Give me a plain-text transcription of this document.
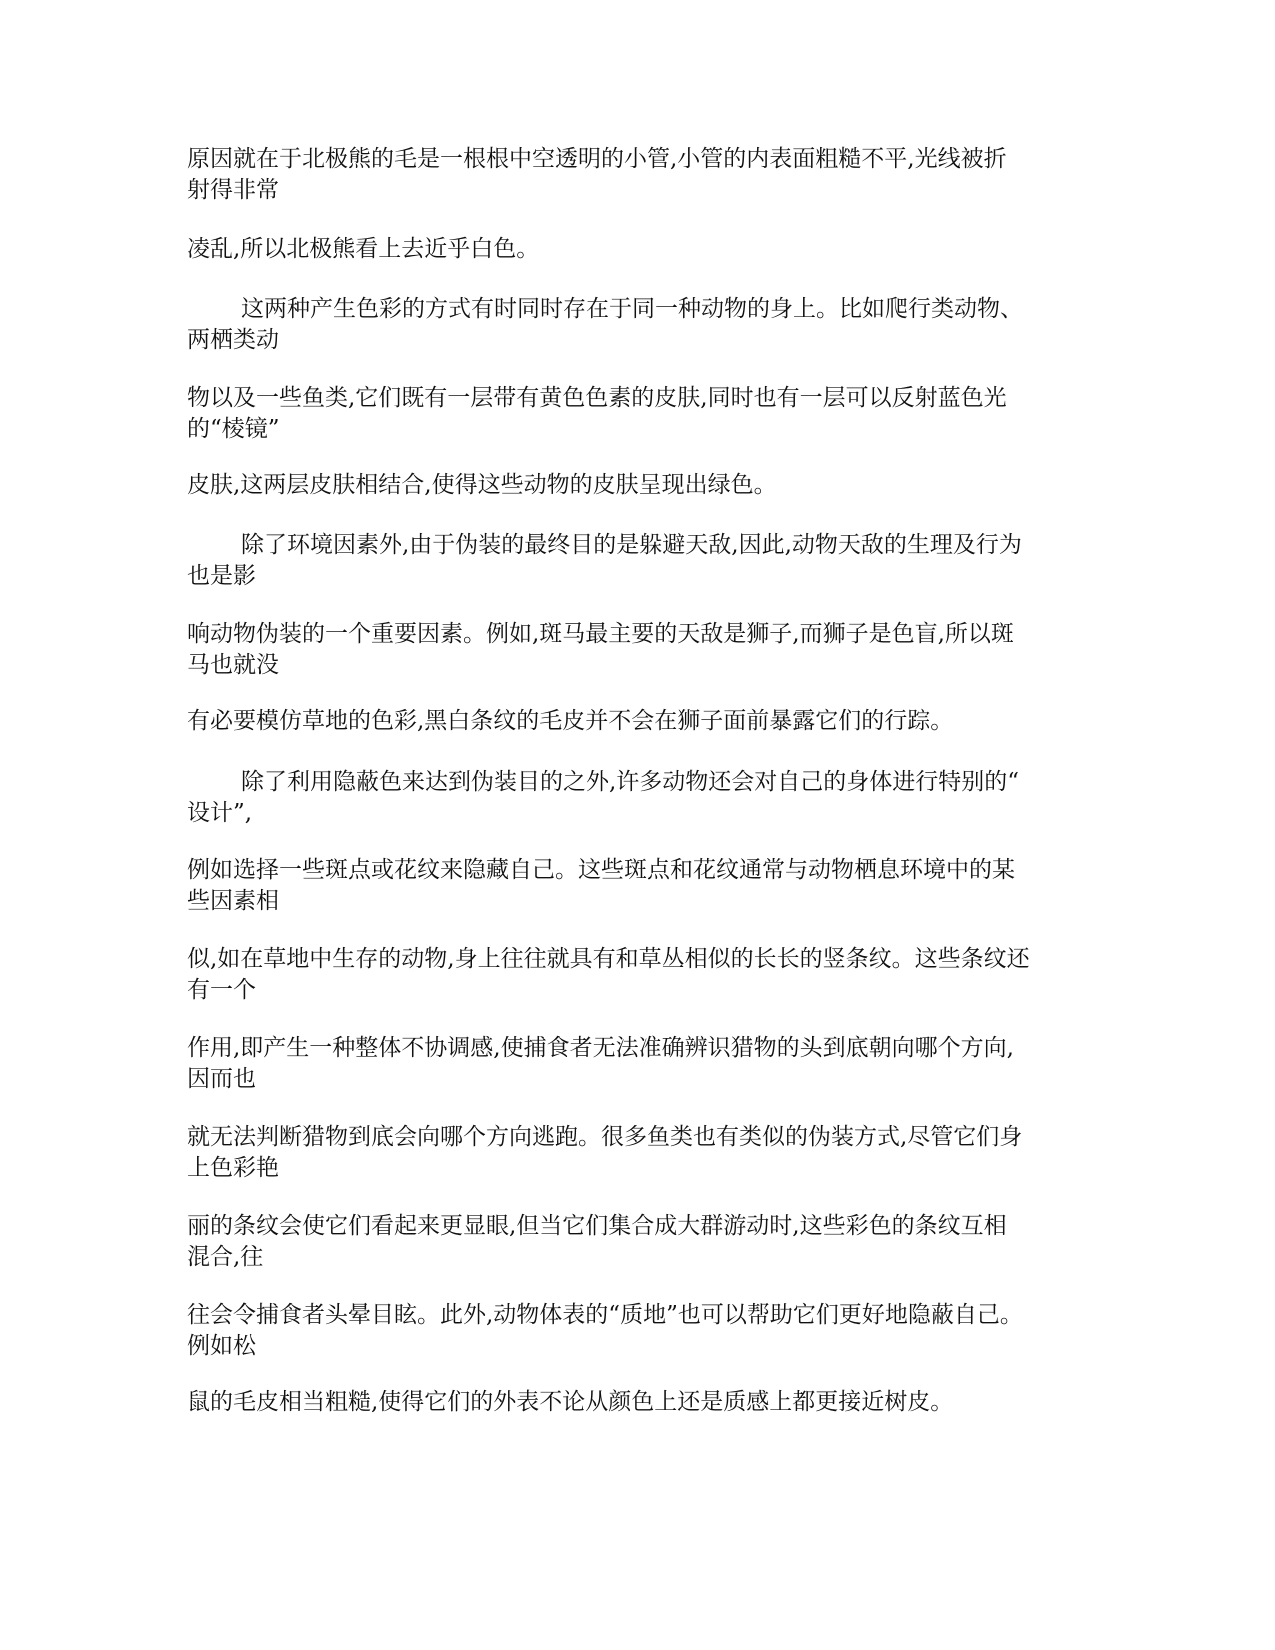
原因就在于北极熊的毛是一根根中空透明的小管,小管的内表面粗糙不平,光线被折
射得非常
凌乱,所以北极熊看上去近乎白色。
这两种产生色彩的方式有时同时存在于同一种动物的身上。比如爬行类动物、
两栖类动
物以及一些鱼类,它们既有一层带有黄色色素的皮肤,同时也有一层可以反射蓝色光
的“棱镜”
皮肤,这两层皮肤相结合,使得这些动物的皮肤呈现出绿色。
除了环境因素外,由于伪装的最终目的是躲避天敌,因此,动物天敌的生理及行为
也是影
响动物伪装的一个重要因素。例如,斑马最主要的天敌是狮子,而狮子是色盲,所以斑
马也就没
有必要模仿草地的色彩,黑白条纹的毛皮并不会在狮子面前暴露它们的行踪。
除了利用隐蔽色来达到伪装目的之外,许多动物还会对自己的身体进行特别的“
设计”,
例如选择一些斑点或花纹来隐藏自己。这些斑点和花纹通常与动物栖息环境中的某
些因素相
似,如在草地中生存的动物,身上往往就具有和草丛相似的长长的竖条纹。这些条纹还
有一个
作用,即产生一种整体不协调感,使捕食者无法准确辨识猎物的头到底朝向哪个方向,
因而也
就无法判断猎物到底会向哪个方向逃跑。很多鱼类也有类似的伪装方式,尽管它们身
上色彩艳
丽的条纹会使它们看起来更显眼,但当它们集合成大群游动时,这些彩色的条纹互相
混合,往
往会令捕食者头晕目眩。此外,动物体表的“质地”也可以帮助它们更好地隐蔽自己。
例如松
鼠的毛皮相当粗糙,使得它们的外表不论从颜色上还是质感上都更接近树皮。
